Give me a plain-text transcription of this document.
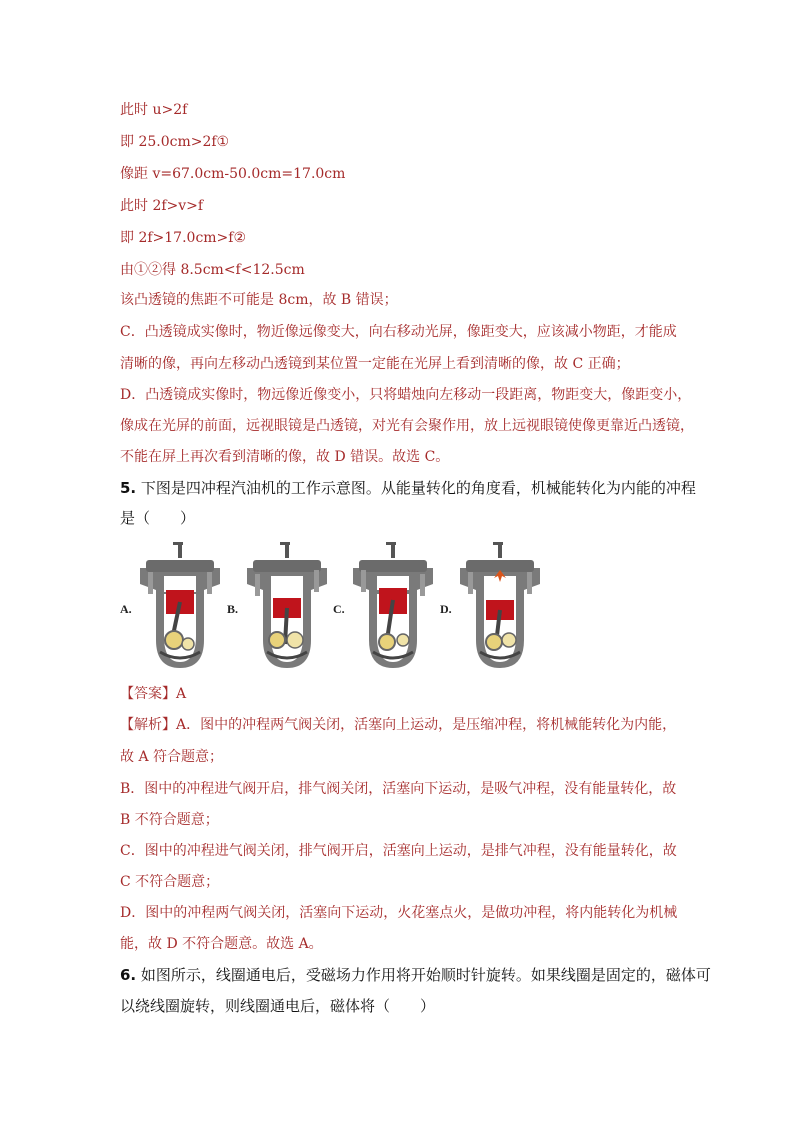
此时 u>2f
即 25.0cm>2f①
像距 v=67.0cm-50.0cm=17.0cm
此时 2f>v>f
即 2f>17.0cm>f②
由①②得 8.5cm<f<12.5cm
该凸透镜的焦距不可能是 8cm，故 B 错误；
C．凸透镜成实像时，物近像远像变大，向右移动光屏，像距变大，应该减小物距，才能成
清晰的像，再向左移动凸透镜到某位置一定能在光屏上看到清晰的像，故 C 正确；
D．凸透镜成实像时，物远像近像变小，只将蜡烛向左移动一段距离，物距变大，像距变小，
像成在光屏的前面，远视眼镜是凸透镜，对光有会聚作用，放上远视眼镜使像更靠近凸透镜，
不能在屏上再次看到清晰的像，故 D 错误。故选 C。
5. 下图是四冲程汽油机的工作示意图。从能量转化的角度看，机械能转化为内能的冲程
是（　　）
A.	B.	C.	D.
【答案】A
【解析】A．图中的冲程两气阀关闭，活塞向上运动，是压缩冲程，将机械能转化为内能，
故 A 符合题意；
B．图中的冲程进气阀开启，排气阀关闭，活塞向下运动，是吸气冲程，没有能量转化，故
B 不符合题意；
C．图中的冲程进气阀关闭，排气阀开启，活塞向上运动，是排气冲程，没有能量转化，故
C 不符合题意；
D．图中的冲程两气阀关闭，活塞向下运动，火花塞点火，是做功冲程，将内能转化为机械
能，故 D 不符合题意。故选 A。
6. 如图所示，线圈通电后，受磁场力作用将开始顺时针旋转。如果线圈是固定的，磁体可
以绕线圈旋转，则线圈通电后，磁体将（　　）
